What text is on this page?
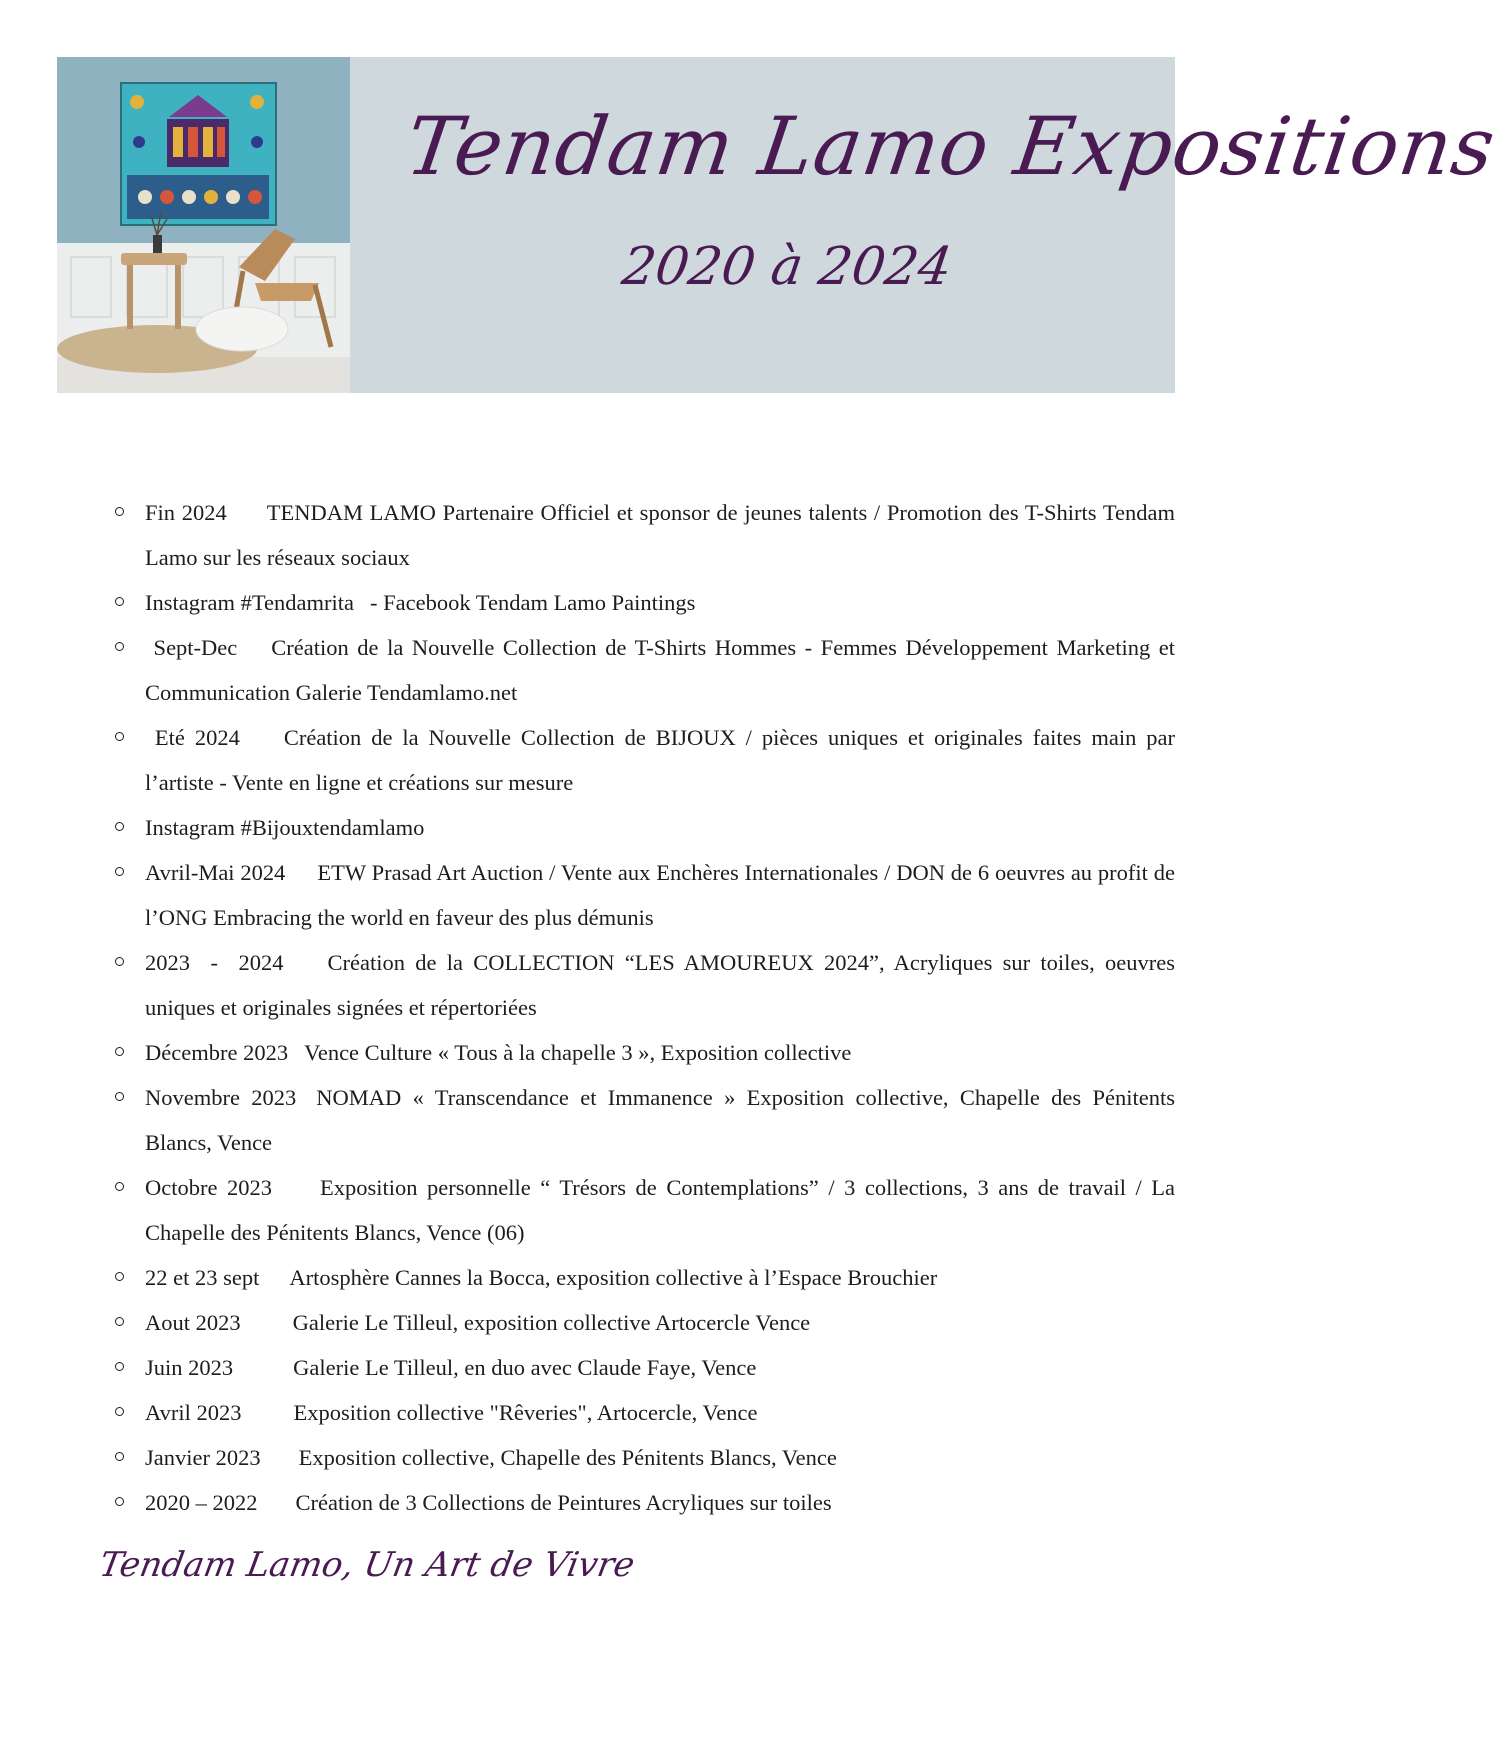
Tendam Lamo Expositions
2020 à 2024
Fin 2024 TENDAM LAMO Partenaire Officiel et sponsor de jeunes talents / Promotion des T-Shirts Tendam Lamo sur les réseaux sociaux
Instagram #Tendamrita - Facebook Tendam Lamo Paintings
Sept-Dec Création de la Nouvelle Collection de T-Shirts Hommes - Femmes Développement Marketing et Communication Galerie Tendamlamo.net
Eté 2024 Création de la Nouvelle Collection de BIJOUX / pièces uniques et originales faites main par l’artiste - Vente en ligne et créations sur mesure
Instagram #Bijouxtendamlamo
Avril-Mai 2024 ETW Prasad Art Auction / Vente aux Enchères Internationales / DON de 6 oeuvres au profit de l’ONG Embracing the world en faveur des plus démunis
2023  -  2024 Création de la COLLECTION “LES AMOUREUX 2024”, Acryliques sur toiles, oeuvres uniques et originales signées et répertoriées
Décembre 2023 Vence Culture « Tous à la chapelle 3 », Exposition collective
Novembre 2023 NOMAD « Transcendance et Immanence » Exposition collective, Chapelle des Pénitents Blancs, Vence
Octobre 2023 Exposition personnelle “ Trésors de Contemplations” / 3 collections, 3 ans de travail / La Chapelle des Pénitents Blancs, Vence (06)
22 et 23 sept Artosphère Cannes la Bocca, exposition collective à l’Espace Brouchier
Aout 2023 Galerie Le Tilleul, exposition collective Artocercle Vence
Juin 2023	Galerie Le Tilleul, en duo avec Claude Faye, Vence
Avril 2023 Exposition collective "Rêveries", Artocercle, Vence
Janvier 2023 Exposition collective, Chapelle des Pénitents Blancs, Vence
2020 – 2022 Création de 3 Collections de Peintures Acryliques sur toiles
Tendam Lamo, Un Art de Vivre
